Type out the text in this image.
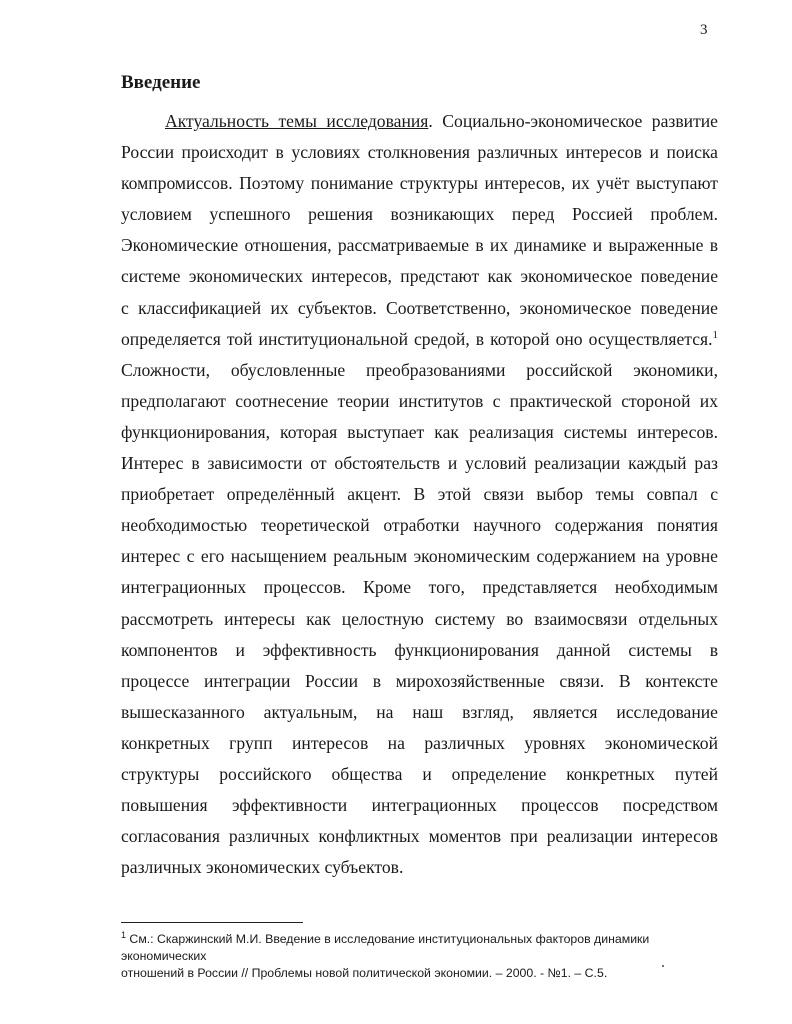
3
Введение
Актуальность темы исследования. Социально-экономическое развитие
России происходит в условиях столкновения различных интересов и поиска
компромиссов. Поэтому понимание структуры интересов, их учёт выступают
условием успешного решения возникающих перед Россией проблем.
Экономические отношения, рассматриваемые в их динамике и выраженные в
системе экономических интересов, предстают как экономическое поведение
с классификацией их субъектов. Соответственно, экономическое поведение
определяется той институциональной средой, в которой оно осуществляется.$^1$
Сложности, обусловленные преобразованиями российской экономики,
предполагают соотнесение теории институтов с практической стороной их
функционирования, которая выступает как реализация системы интересов.
Интерес в зависимости от обстоятельств и условий реализации каждый раз
приобретает определённый акцент. В этой связи выбор темы совпал с
необходимостью теоретической отработки научного содержания понятия
интерес с его насыщением реальным экономическим содержанием на уровне
интеграционных процессов. Кроме того, представляется необходимым
рассмотреть интересы как целостную систему во взаимосвязи отдельных
компонентов и эффективность функционирования данной системы в
процессе интеграции России в мирохозяйственные связи. В контексте
вышесказанного актуальным, на наш взгляд, является исследование
конкретных групп интересов на различных уровнях экономической
структуры российского общества и определение конкретных путей
повышения эффективности интеграционных процессов посредством
согласования различных конфликтных моментов при реализации интересов
различных экономических субъектов.
$^1$ См.: Скаржинский М.И. Введение в исследование институциональных факторов динамики экономических
отношений в России // Проблемы новой политической экономии. – 2000. - №1. – С.5.
